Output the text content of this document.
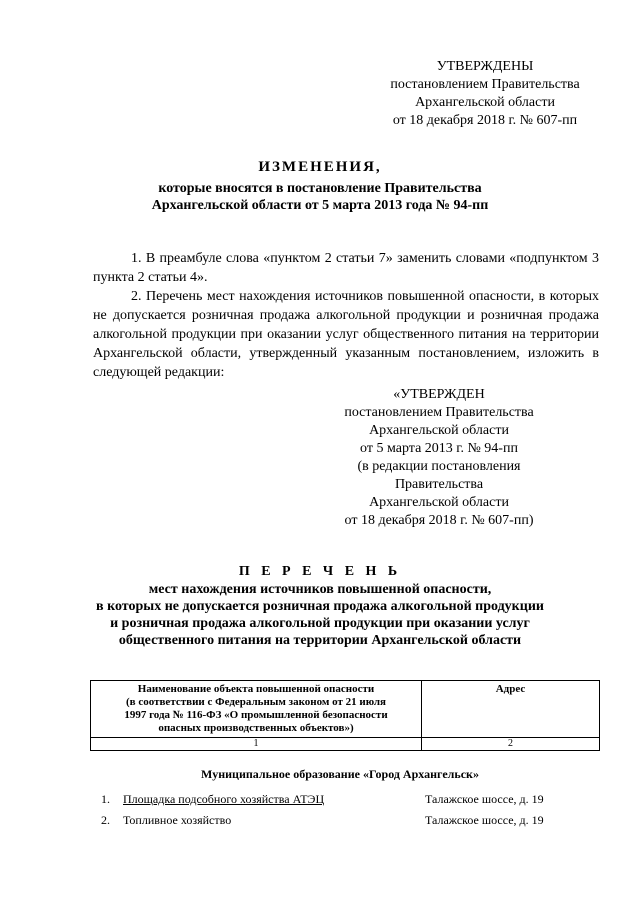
УТВЕРЖДЕНЫ
постановлением Правительства
Архангельской области
от 18 декабря 2018 г. № 607-пп
ИЗМЕНЕНИЯ,
которые вносятся в постановление Правительства
Архангельской области от 5 марта 2013 года № 94-пп
1. В преамбуле слова «пунктом 2 статьи 7» заменить словами «подпунктом 3 пункта 2 статьи 4».
2. Перечень мест нахождения источников повышенной опасности, в которых не допускается розничная продажа алкогольной продукции и розничная продажа алкогольной продукции при оказании услуг общественного питания на территории Архангельской области, утвержденный указанным постановлением, изложить в следующей редакции:
«УТВЕРЖДЕН
постановлением Правительства
Архангельской области
от 5 марта 2013 г. № 94-пп
(в редакции постановления Правительства
Архангельской области
от 18 декабря 2018 г. № 607-пп)
П Е Р Е Ч Е Н Ь
мест нахождения источников повышенной опасности,
в которых не допускается розничная продажа алкогольной продукции
и розничная продажа алкогольной продукции при оказании услуг
общественного питания на территории Архангельской области
Наименование объекта повышенной опасности
(в соответствии с Федеральным законом от 21 июля
1997 года № 116-ФЗ «О промышленной безопасности
опасных производственных объектов»)	Адрес
1	2
Муниципальное образование «Город Архангельск»
1. Площадка подсобного хозяйства АТЭЦ	Талажское шоссе, д. 19
2. Топливное хозяйство	Талажское шоссе, д. 19
